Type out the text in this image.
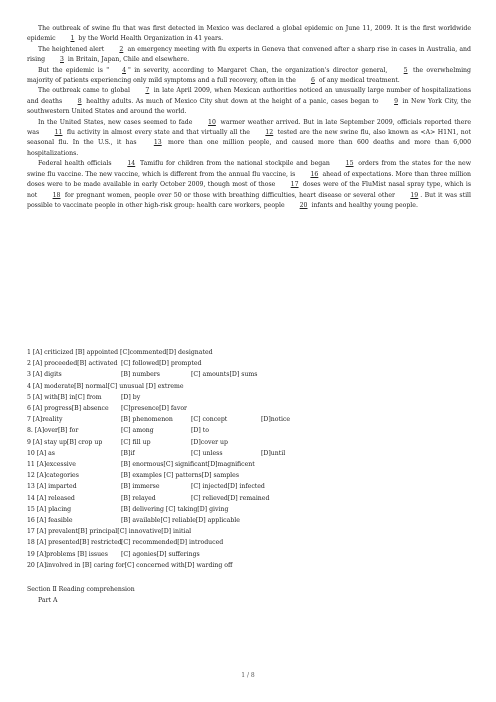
The outbreak of swine flu that was first detected in Mexico was declared a global epidemic on June 11, 2009. It is the first worldwide epidemic 1 by the World Health Organization in 41 years.

The heightened alert 2 an emergency meeting with flu experts in Geneva that convened after a sharp rise in cases in Australia, and rising 3 in Britain, Japan, Chile and elsewhere.

But the epidemic is " 4 " in severity, according to Margaret Chan, the organization's director general, 5 the overwhelming majority of patients experiencing only mild symptoms and a full recovery, often in the 6 of any medical treatment.

The outbreak came to global 7 in late April 2009, when Mexican authorities noticed an unusually large number of hospitalizations and deaths 8 healthy adults. As much of Mexico City shut down at the height of a panic, cases began to 9 in New York City, the southwestern United States and around the world.

In the United States, new cases seemed to fade 10 warmer weather arrived. But in late September 2009, officials reported there was 11 flu activity in almost every state and that virtually all the 12 tested are the new swine flu, also known as <A> H1N1, not seasonal flu. In the U.S., it has 13 more than one million people, and caused more than 600 deaths and more than 6,000 hospitalizations.

Federal health officials 14 Tamiflu for children from the national stockpile and began 15 orders from the states for the new swine flu vaccine. The new vaccine, which is different from the annual flu vaccine, is 16 ahead of expectations. More than three million doses were to be made available in early October 2009, though most of those 17 doses were of the FluMist nasal spray type, which is not 18 for pregnant women, people over 50 or those with breathing difficulties, heart disease or several other 19 . But it was still possible to vaccinate people in other high-risk group: health care workers, people 20 infants and healthy young people.

1 [A] criticized [B] appointed [C]commented[D] designated
2 [A] proceeded[B] activated [C] followed[D] prompted
3 [A] digits	[B] numbers	[C] amounts[D] sums
4 [A] moderate[B] normal[C] unusual [D] extreme
5 [A] with[B] in[C] from	[D] by
6 [A] progress[B] absence	[C]presence[D] favor
7 [A]reality	[B] phenomenon	[C] concept	[D]notice
8. [A]over[B] for	[C] among	[D] to
9 [A] stay up[B] crop up	[C] fill up	[D]cover up
10 [A] as	[B]if	[C] unless	[D]until
11 [A]excessive	[B] enormous[C] significant[D]magnificent
12 [A]categories	[B] examples [C] patterns[D] samples
13 [A] imparted	[B] immerse	[C] injected[D] infected
14 [A] released	[B] relayed	[C] relieved[D] remained
15 [A] placing	[B] delivering [C] taking[D] giving
16 [A] feasible	[B] available[C] reliable[D] applicable
17 [A] prevalent[B] principal[C] innovative[D] initial
18 [A] presented[B] restricted [C] recommended[D] introduced
19 [A]problems [B] issues	[C] agonies[D] sufferings
20 [A]involved in [B] caring for[C] concerned with[D] warding off
Section Ⅱ Reading comprehension
Part A
1 / 8
